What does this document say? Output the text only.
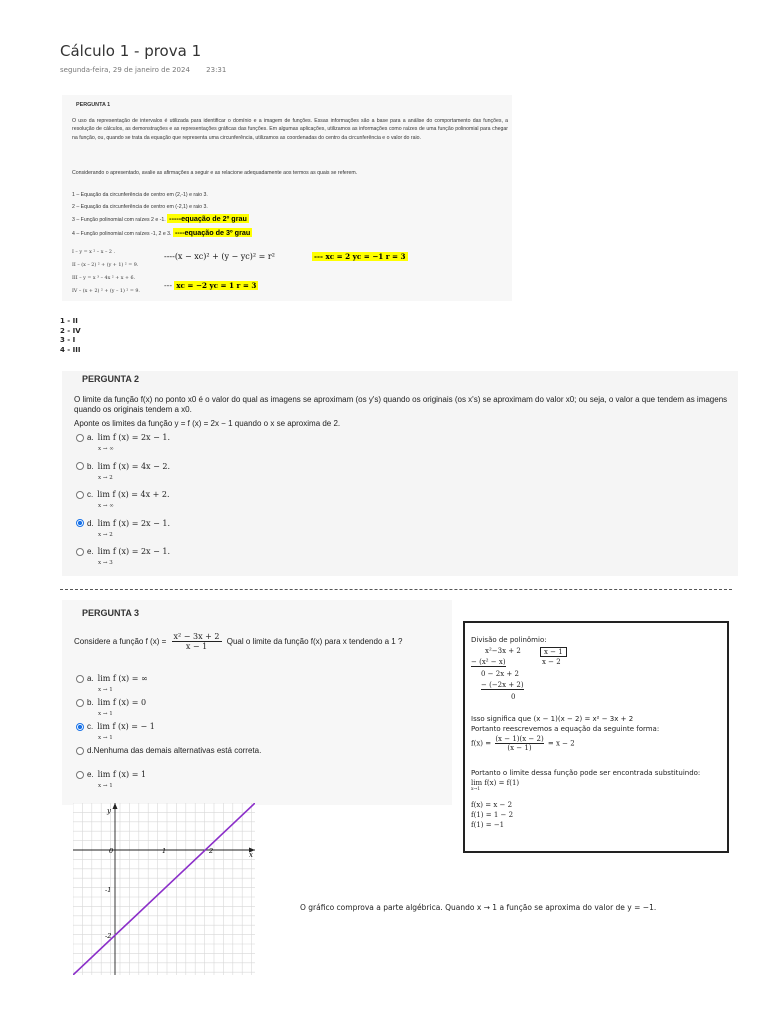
Cálculo 1 - prova 1
segunda-feira, 29 de janeiro de 2024 23:31
PERGUNTA 1
O uso da representação de intervalos é utilizada para identificar o domínio e a imagem de funções. Essas informações são a base para a análise do comportamento das funções, a resolução de cálculos, as demonstrações e as representações gráficas das funções. Em algumas aplicações, utilizamos as informações como raízes de uma função polinomial para chegar na função, ou, quando se trata da equação que representa uma circunferência, utilizamos as coordenadas do centro da circunferência e o valor do raio.
Considerando o apresentado, avalie as afirmações a seguir e as relacione adequadamente aos termos as quais se referem.
1 – Equação da circunferência de centro em (2,-1) e raio 3.
2 – Equação da circunferência de centro em (-2,1) e raio 3.
3 – Função polinomial com raízes 2 e -1. -----equação de 2º grau
4 – Função polinomial com raízes -1, 2 e 3. ----equação de 3º grau
I – y = x ² – x – 2 .
II – (x – 2) ² + (y + 1) ² = 9.
III – y = x ³ – 4x ² + x + 6.
IV – (x + 2) ² + (y – 1) ² = 9.
----(x − xc)² + (y − yc)² = r²	--- xc = 2 yc = −1 r = 3
--- xc = −2 yc = 1 r = 3
1 - II
2 - IV
3 - I
4 - III
PERGUNTA 2
O limite da função f(x) no ponto x0 é o valor do qual as imagens se aproximam (os y's) quando os originais (os x's) se aproximam do valor x0; ou seja, o valor a que tendem as imagens quando os originais tendem a x0.
Aponte os limites da função y = f (x) = 2x − 1 quando o x se aproxima de 2.
a. lim f (x) = 2x − 1.
x → ∞
b. lim f (x) = 4x − 2.
x → 2
c. lim f (x) = 4x + 2.
x → ∞
d. lim f (x) = 2x − 1.
x → 2
e. lim f (x) = 2x − 1.
x → 3
PERGUNTA 3
Considere a função f $(x) = \frac{\text{x² − 3x + 2}}{x - 1}$ Qual o limite da função f(x) para x tendendo a 1 ?
a. lim f (x) = ∞
x → 1
b. lim f (x) = 0
x → 1
c. lim f (x) = − 1
x → 1
d.Nenhuma das demais alternativas está correta.
e. lim f (x) = 1
x → 1
Divisão de polinômio:
x²−3x + 2	x − 1
− (x² − x)	x − 2
0 − 2x + 2
− (−2x + 2)
0
Isso significa que (x − 1)(x − 2) = x² − 3x + 2
Portanto reescrevemos a equação da seguinte forma:
$f(x) = \frac{(x - 1)(x - 2)}{(x - 1)} = x - 2$
Portanto o limite dessa função pode ser encontrada substituindo:
lim f(x) = f(1)
x→1
f(x) = x − 2
f(1) = 1 − 2
f(1) = −1
y
x
0	1	2
-1
-2
O gráfico comprova a parte algébrica. Quando x → 1 a função se aproxima do valor de y = −1.
